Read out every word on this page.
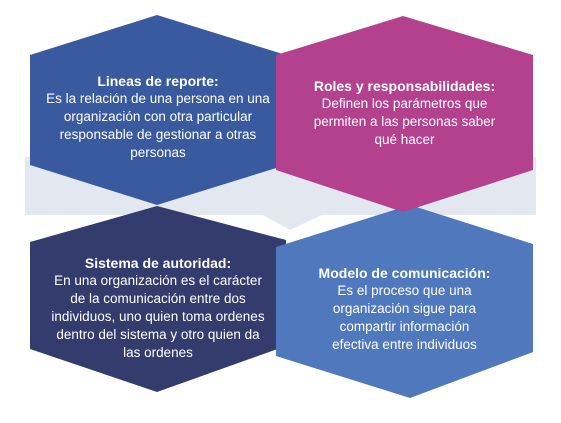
Lineas de reporte:
Es la relación de una persona en una
organización con otra particular
responsable de gestionar a otras
personas
Roles y responsabilidades:
Definen los parámetros que
permiten a las personas saber
qué hacer
Sistema de autoridad:
En una organización es el carácter
de la comunicación entre dos
individuos, uno quien toma ordenes
dentro del sistema y otro quien da
las ordenes
Modelo de comunicación:
Es el proceso que una
organización sigue para
compartir información
efectiva entre individuos
